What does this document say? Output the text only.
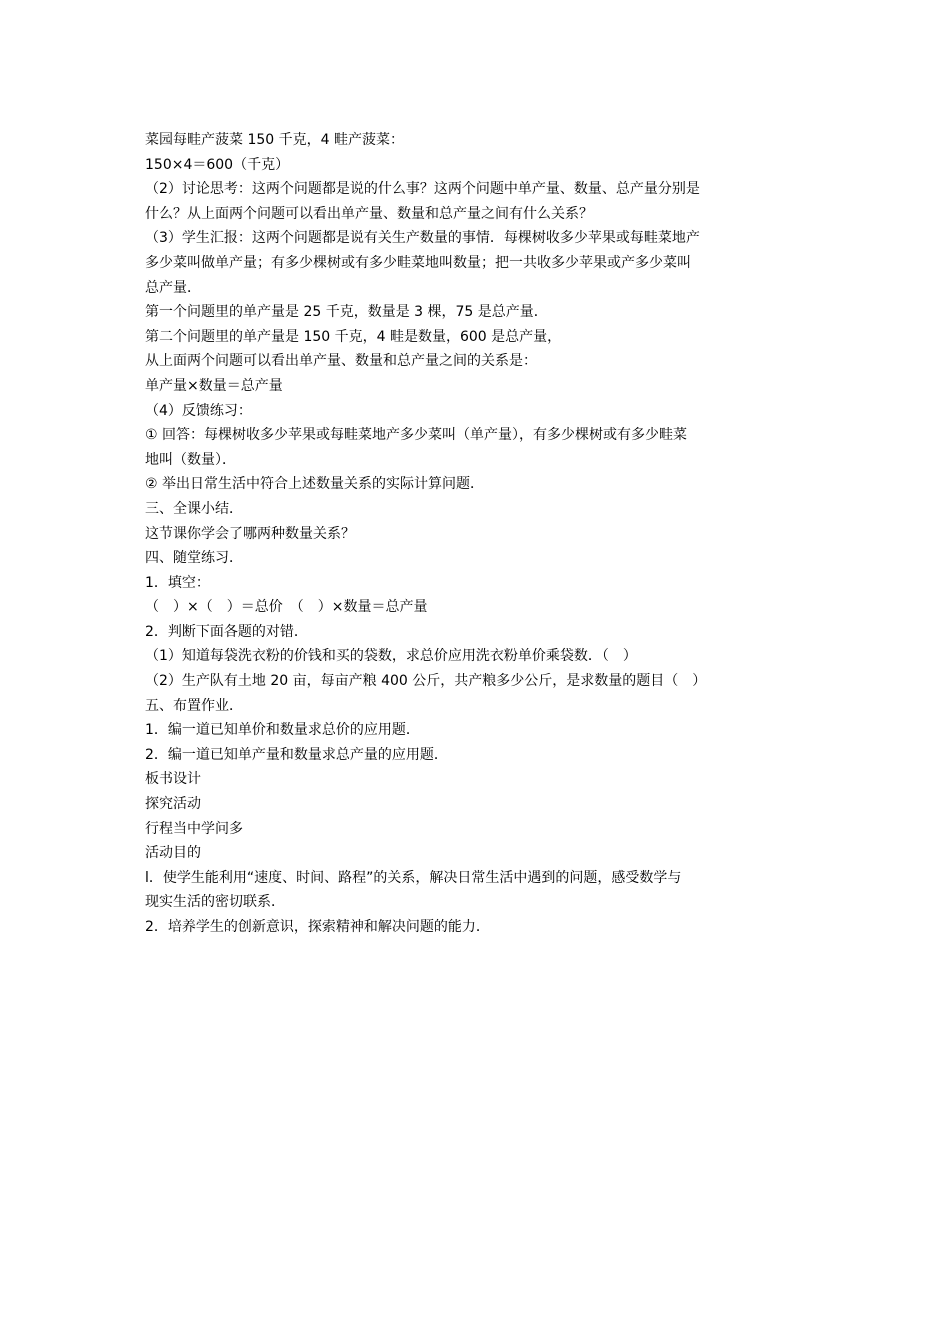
菜园每畦产菠菜 150 千克，4 畦产菠菜：

150×4＝600（千克）

（2）讨论思考：这两个问题都是说的什么事？这两个问题中单产量、数量、总产量分别是

什么？从上面两个问题可以看出单产量、数量和总产量之间有什么关系？

（3）学生汇报：这两个问题都是说有关生产数量的事情．每棵树收多少苹果或每畦菜地产

多少菜叫做单产量；有多少棵树或有多少畦菜地叫数量；把一共收多少苹果或产多少菜叫

总产量．

第一个问题里的单产量是 25 千克，数量是 3 棵，75 是总产量．

第二个问题里的单产量是 150 千克，4 畦是数量，600 是总产量，

从上面两个问题可以看出单产量、数量和总产量之间的关系是：

单产量×数量＝总产量

（4）反馈练习：

① 回答：每棵树收多少苹果或每畦菜地产多少菜叫（单产量），有多少棵树或有多少畦菜

地叫（数量）．

② 举出日常生活中符合上述数量关系的实际计算问题．

三、全课小结．

这节课你学会了哪两种数量关系？

四、随堂练习．

1．填空：

（　）×（　）＝总价　（　）×数量＝总产量

2．判断下面各题的对错．

（1）知道每袋洗衣粉的价钱和买的袋数，求总价应用洗衣粉单价乘袋数．（　）

（2）生产队有土地 20 亩，每亩产粮 400 公斤，共产粮多少公斤，是求数量的题目（　）

五、布置作业．

1．编一道已知单价和数量求总价的应用题．

2．编一道已知单产量和数量求总产量的应用题．

板书设计

探究活动

行程当中学问多

活动目的

l．使学生能利用“速度、时间、路程”的关系，解决日常生活中遇到的问题，感受数学与

现实生活的密切联系．

2．培养学生的创新意识，探索精神和解决问题的能力．
